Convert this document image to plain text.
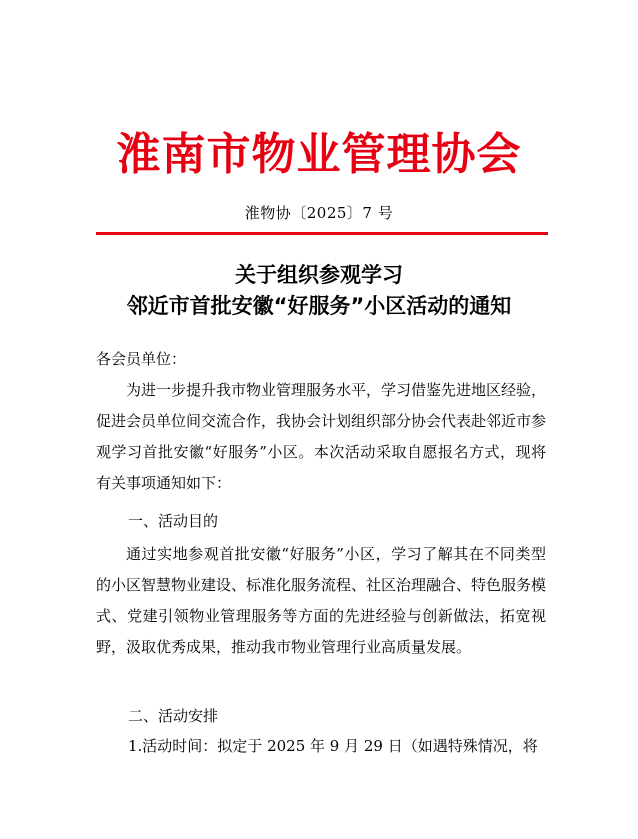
淮南市物业管理协会
淮物协〔2025〕7 号
关于组织参观学习
邻近市首批安徽“好服务”小区活动的通知
各会员单位：

为进一步提升我市物业管理服务水平，学习借鉴先进地区经验，促进会员单位间交流合作，我协会计划组织部分协会代表赴邻近市参观学习首批安徽“好服务”小区。本次活动采取自愿报名方式，现将有关事项通知如下：

一、活动目的

通过实地参观首批安徽“好服务”小区，学习了解其在不同类型的小区智慧物业建设、标准化服务流程、社区治理融合、特色服务模式、党建引领物业管理服务等方面的先进经验与创新做法，拓宽视野，汲取优秀成果，推动我市物业管理行业高质量发展。

二、活动安排
1.活动时间：拟定于 2025 年 9 月 29 日（如遇特殊情况，将
